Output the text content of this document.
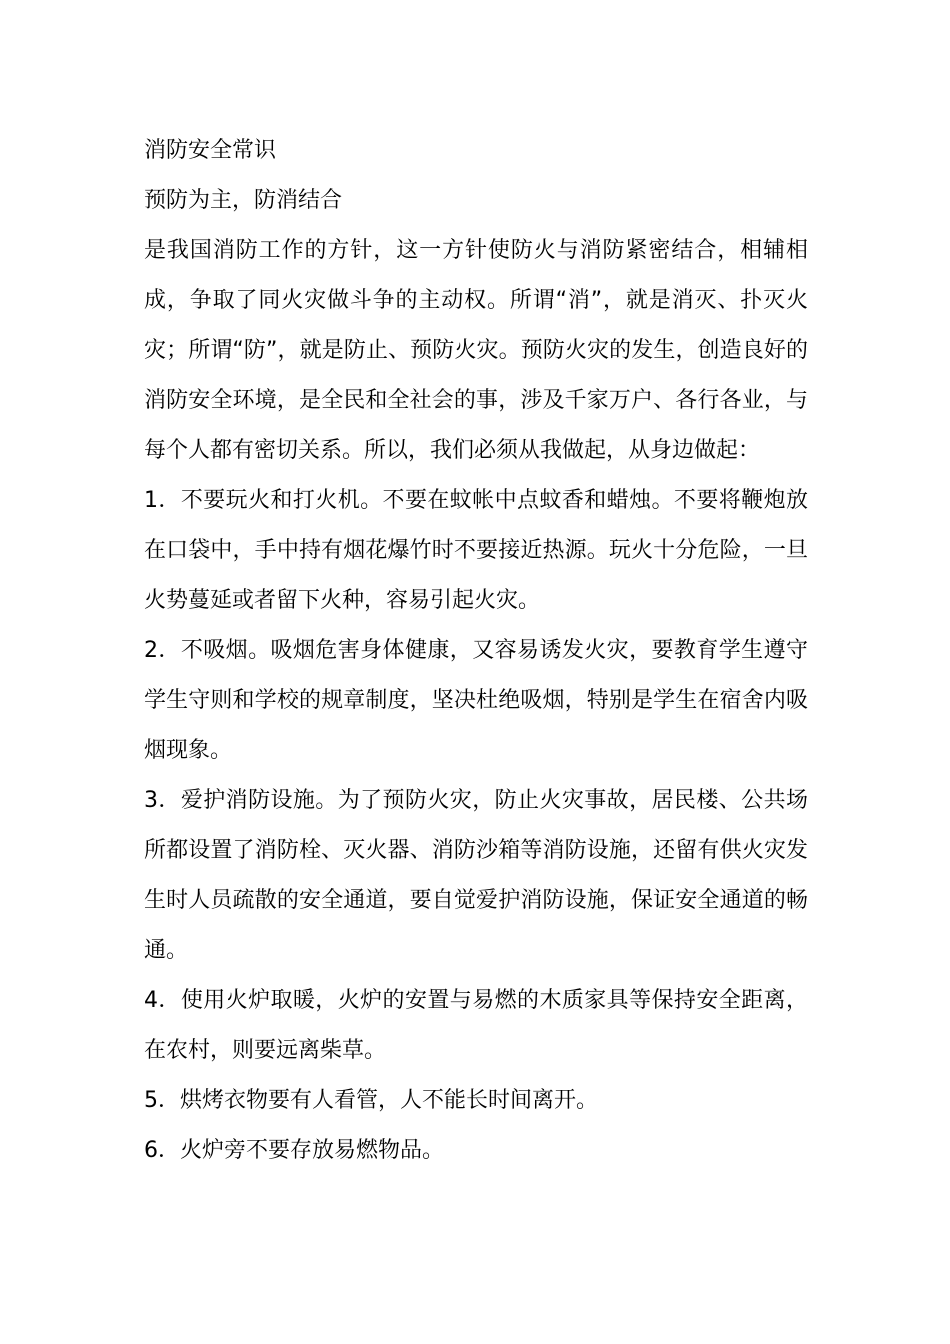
消防安全常识

预防为主，防消结合

是我国消防工作的方针，这一方针使防火与消防紧密结合，相辅相成，争取了同火灾做斗争的主动权。所谓“消”，就是消灭、扑灭火灾；所谓“防”，就是防止、预防火灾。预防火灾的发生，创造良好的消防安全环境，是全民和全社会的事，涉及千家万户、各行各业，与每个人都有密切关系。所以，我们必须从我做起，从身边做起：

1．不要玩火和打火机。不要在蚊帐中点蚊香和蜡烛。不要将鞭炮放在口袋中，手中持有烟花爆竹时不要接近热源。玩火十分危险，一旦火势蔓延或者留下火种，容易引起火灾。

2．不吸烟。吸烟危害身体健康，又容易诱发火灾，要教育学生遵守学生守则和学校的规章制度，坚决杜绝吸烟，特别是学生在宿舍内吸烟现象。

3．爱护消防设施。为了预防火灾，防止火灾事故，居民楼、公共场所都设置了消防栓、灭火器、消防沙箱等消防设施，还留有供火灾发生时人员疏散的安全通道，要自觉爱护消防设施，保证安全通道的畅通。

4．使用火炉取暖，火炉的安置与易燃的木质家具等保持安全距离，在农村，则要远离柴草。

5．烘烤衣物要有人看管，人不能长时间离开。

6．火炉旁不要存放易燃物品。
